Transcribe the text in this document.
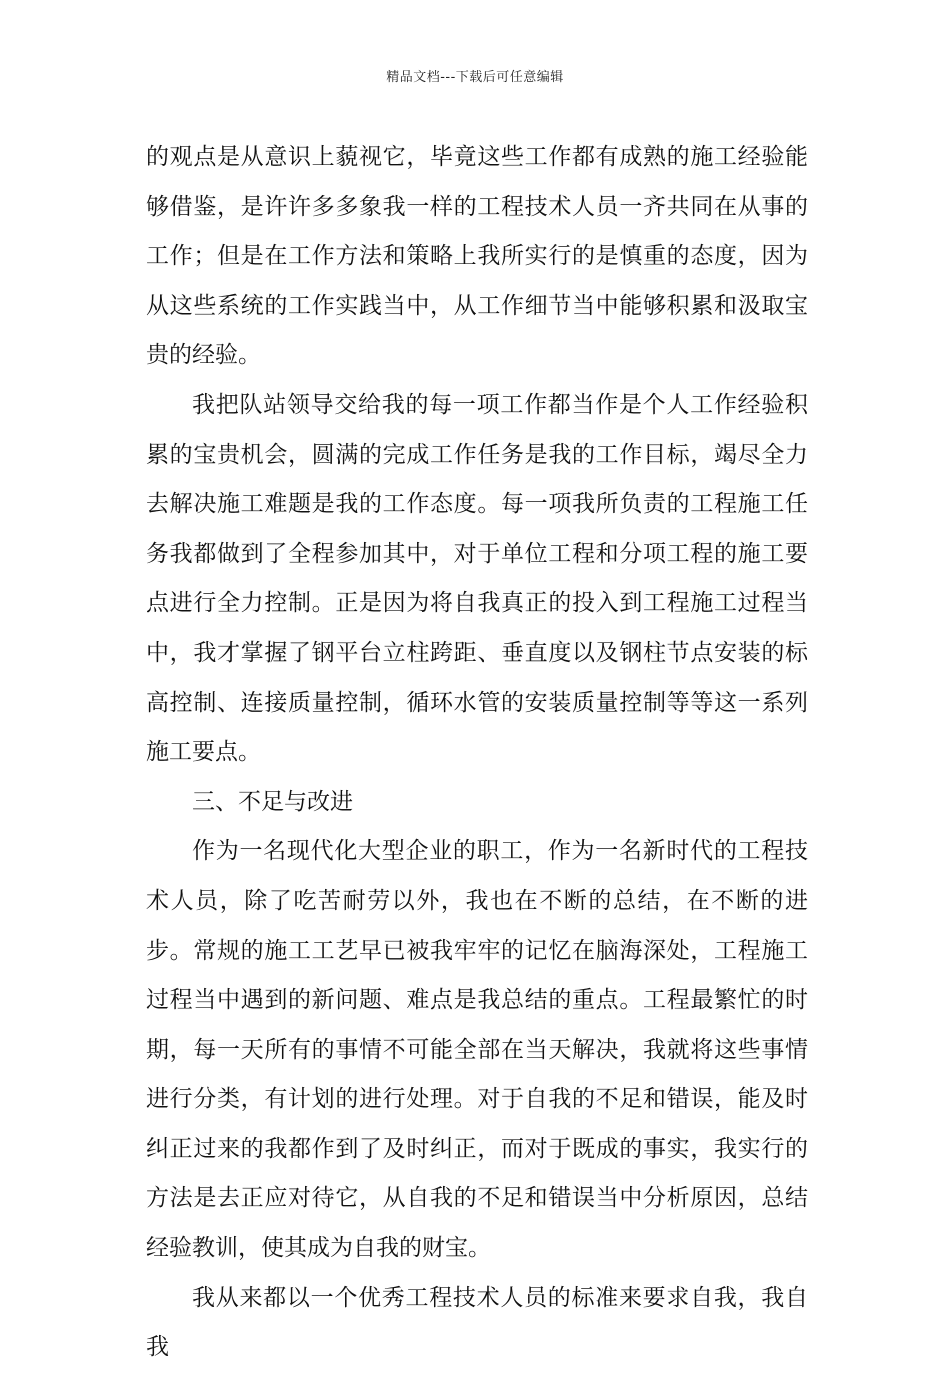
精品文档---下载后可任意编辑

的观点是从意识上藐视它，毕竟这些工作都有成熟的施工经验能够借鉴，是许许多多象我一样的工程技术人员一齐共同在从事的工作；但是在工作方法和策略上我所实行的是慎重的态度，因为从这些系统的工作实践当中，从工作细节当中能够积累和汲取宝贵的经验。

我把队站领导交给我的每一项工作都当作是个人工作经验积累的宝贵机会，圆满的完成工作任务是我的工作目标，竭尽全力去解决施工难题是我的工作态度。每一项我所负责的工程施工任务我都做到了全程参加其中，对于单位工程和分项工程的施工要点进行全力控制。正是因为将自我真正的投入到工程施工过程当中，我才掌握了钢平台立柱跨距、垂直度以及钢柱节点安装的标高控制、连接质量控制，循环水管的安装质量控制等等这一系列施工要点。

三、不足与改进

作为一名现代化大型企业的职工，作为一名新时代的工程技术人员，除了吃苦耐劳以外，我也在不断的总结，在不断的进步。常规的施工工艺早已被我牢牢的记忆在脑海深处，工程施工过程当中遇到的新问题、难点是我总结的重点。工程最繁忙的时期，每一天所有的事情不可能全部在当天解决，我就将这些事情进行分类，有计划的进行处理。对于自我的不足和错误，能及时纠正过来的我都作到了及时纠正，而对于既成的事实，我实行的方法是去正应对待它，从自我的不足和错误当中分析原因，总结经验教训，使其成为自我的财宝。

我从来都以一个优秀工程技术人员的标准来要求自我，我自我
